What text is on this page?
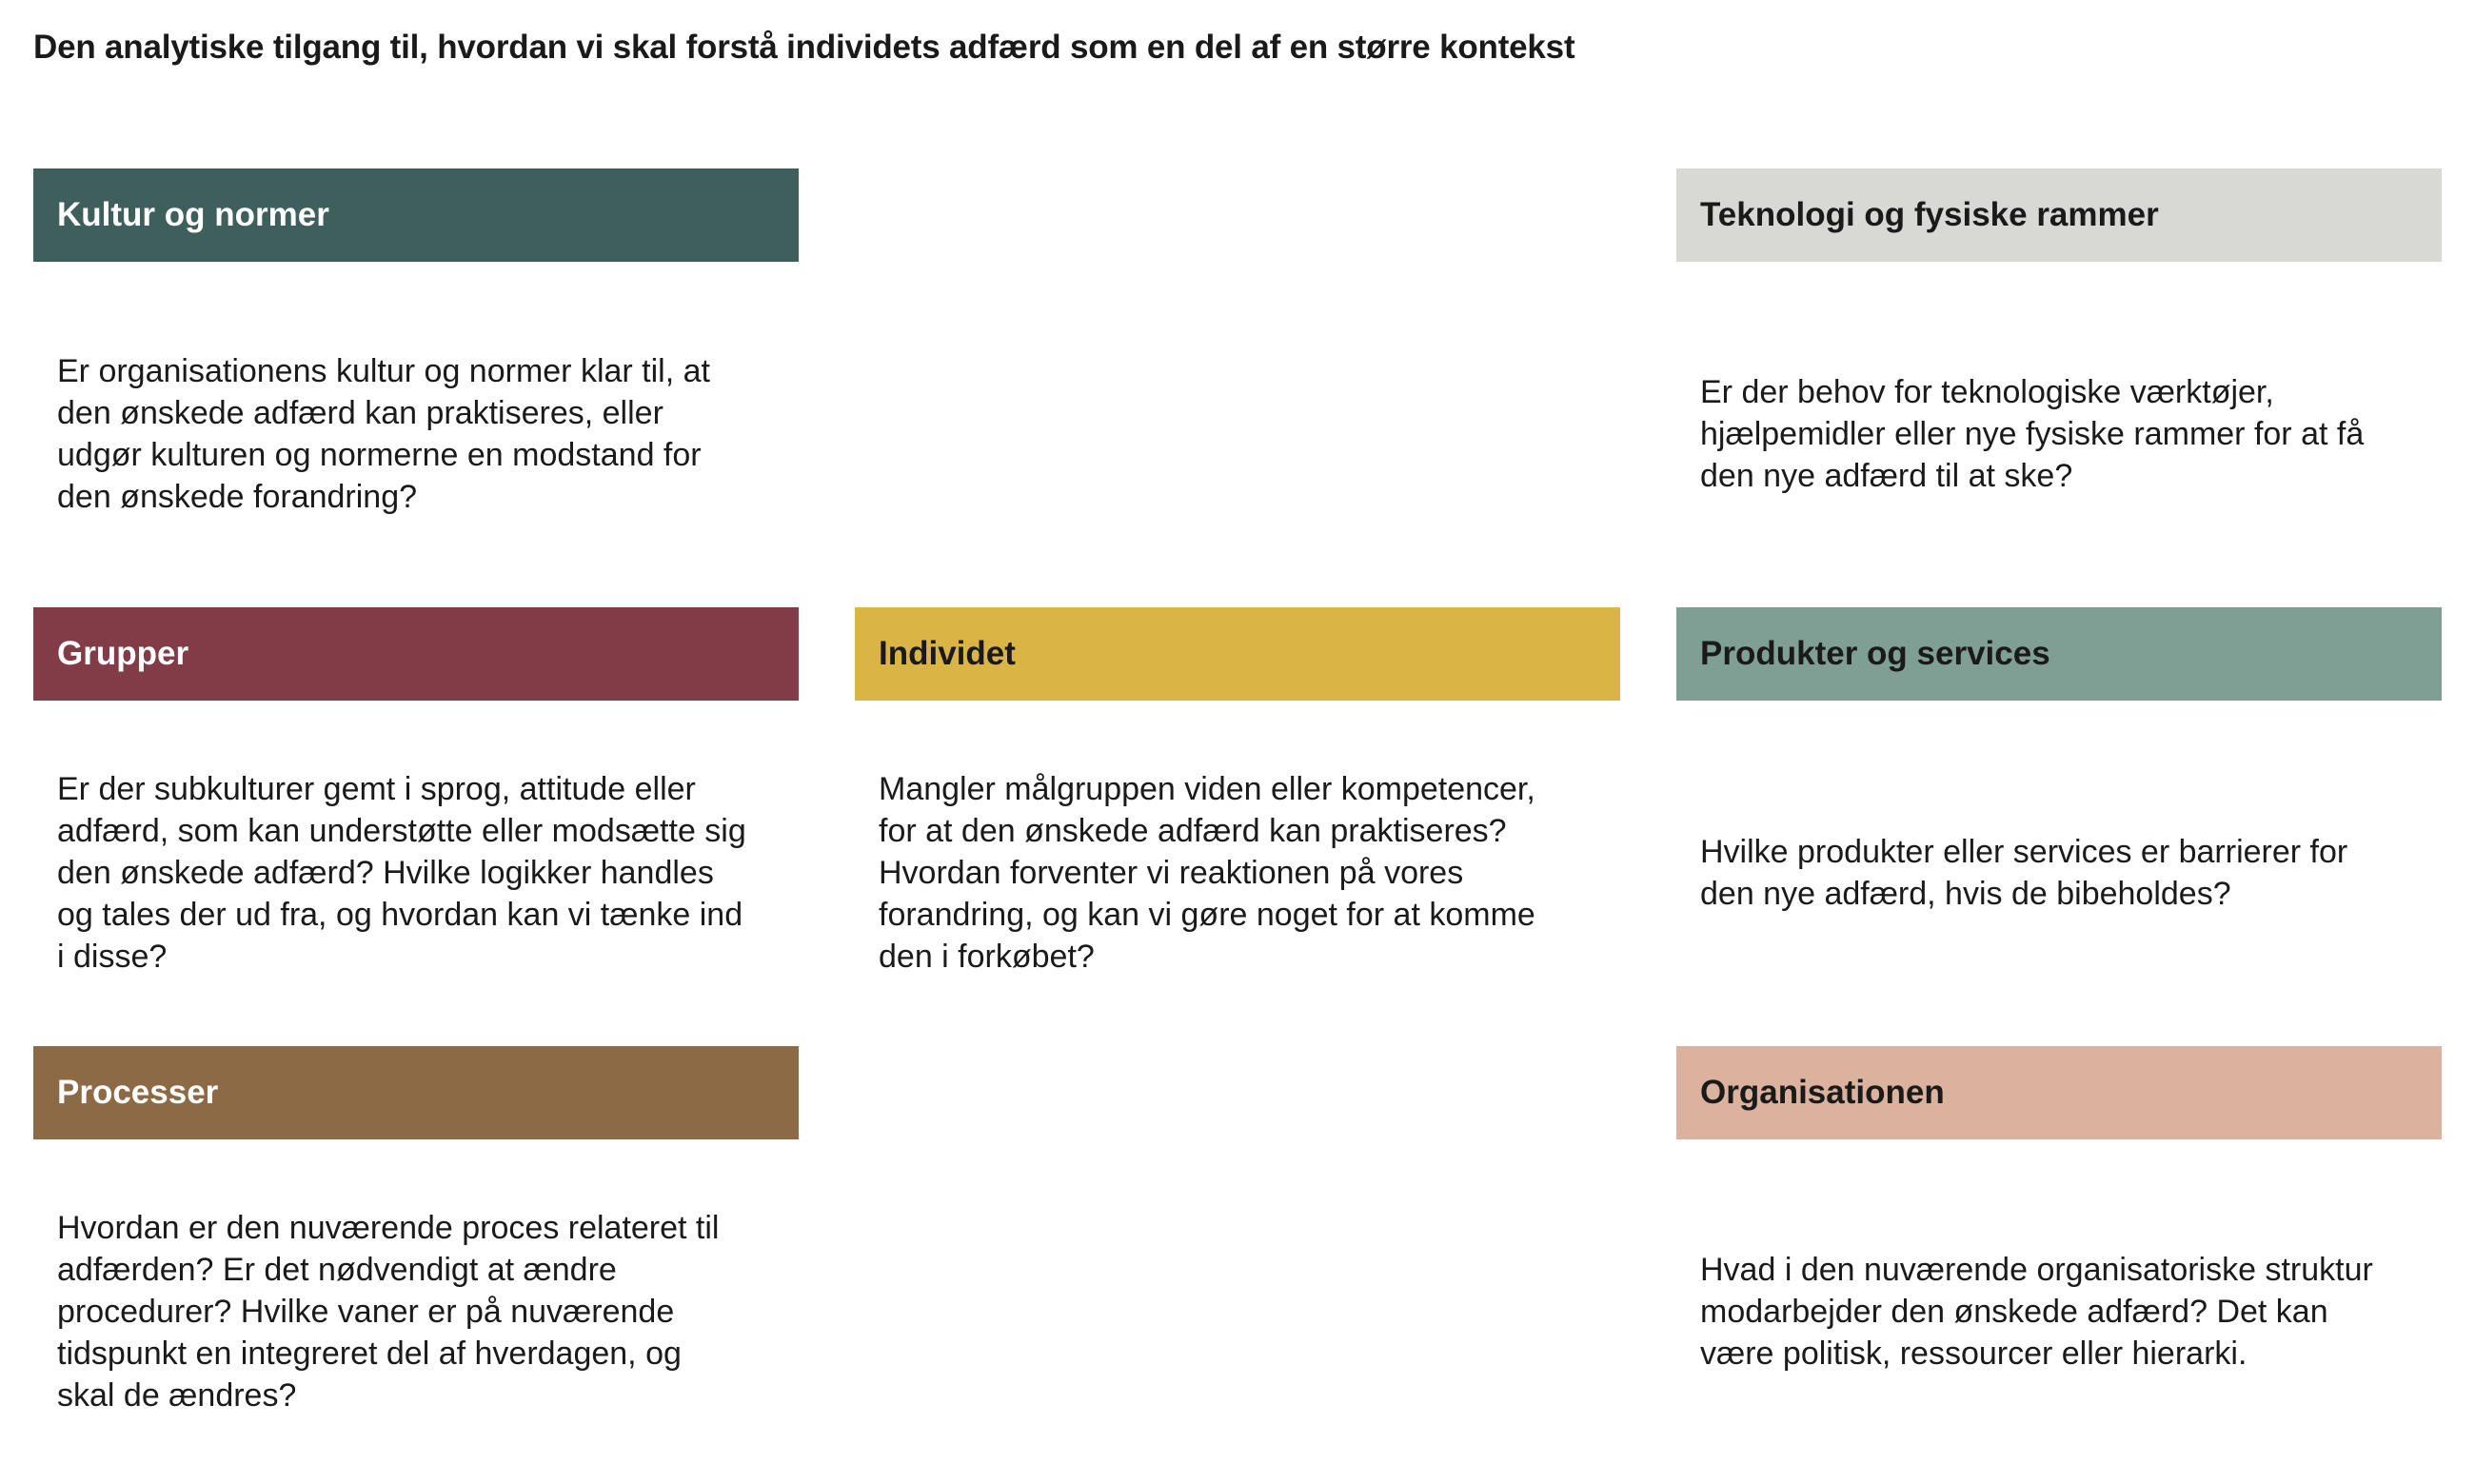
Den analytiske tilgang til, hvordan vi skal forstå individets adfærd som en del af en større kontekst
Kultur og normer

Er organisationens kultur og normer klar til, at den ønskede adfærd kan praktiseres, eller udgør kulturen og normerne en modstand for den ønskede forandring?

Teknologi og fysiske rammer

Er der behov for teknologiske værktøjer, hjælpemidler eller nye fysiske rammer for at få den nye adfærd til at ske?

Grupper

Er der subkulturer gemt i sprog, attitude eller adfærd, som kan understøtte eller modsætte sig den ønskede adfærd? Hvilke logikker handles og tales der ud fra, og hvordan kan vi tænke ind i disse?

Individet

Mangler målgruppen viden eller kompetencer, for at den ønskede adfærd kan praktiseres? Hvordan forventer vi reaktionen på vores forandring, og kan vi gøre noget for at komme den i forkøbet?

Produkter og services

Hvilke produkter eller services er barrierer for den nye adfærd, hvis de bibeholdes?

Processer

Hvordan er den nuværende proces relateret til adfærden? Er det nødvendigt at ændre procedurer? Hvilke vaner er på nuværende tidspunkt en integreret del af hverdagen, og skal de ændres?

Organisationen

Hvad i den nuværende organisatoriske struktur modarbejder den ønskede adfærd? Det kan være politisk, ressourcer eller hierarki.
